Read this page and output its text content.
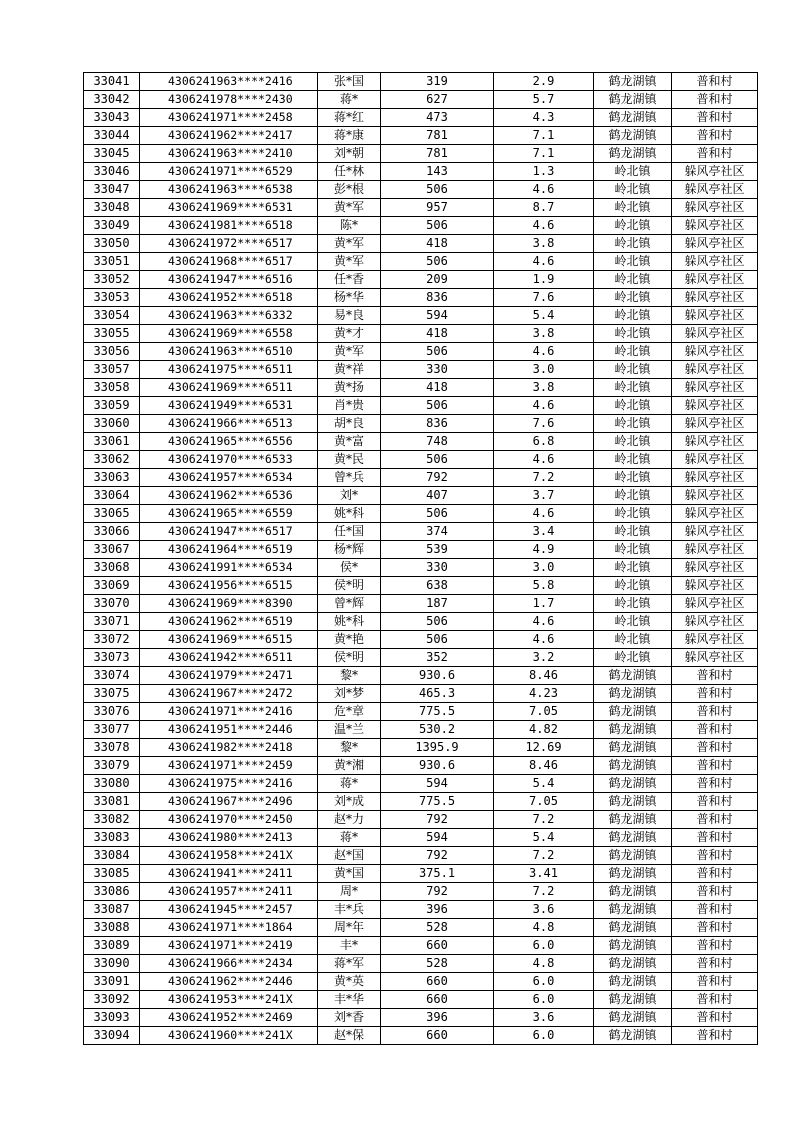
33041	4306241963****2416	张*国	319	2.9	鹤龙湖镇	普和村
33042	4306241978****2430	蒋*	627	5.7	鹤龙湖镇	普和村
33043	4306241971****2458	蒋*红	473	4.3	鹤龙湖镇	普和村
33044	4306241962****2417	蒋*康	781	7.1	鹤龙湖镇	普和村
33045	4306241963****2410	刘*朝	781	7.1	鹤龙湖镇	普和村
33046	4306241971****6529	任*林	143	1.3	岭北镇	躲风亭社区
33047	4306241963****6538	彭*根	506	4.6	岭北镇	躲风亭社区
33048	4306241969****6531	黄*军	957	8.7	岭北镇	躲风亭社区
33049	4306241981****6518	陈*	506	4.6	岭北镇	躲风亭社区
33050	4306241972****6517	黄*军	418	3.8	岭北镇	躲风亭社区
33051	4306241968****6517	黄*军	506	4.6	岭北镇	躲风亭社区
33052	4306241947****6516	任*香	209	1.9	岭北镇	躲风亭社区
33053	4306241952****6518	杨*华	836	7.6	岭北镇	躲风亭社区
33054	4306241963****6332	易*良	594	5.4	岭北镇	躲风亭社区
33055	4306241969****6558	黄*才	418	3.8	岭北镇	躲风亭社区
33056	4306241963****6510	黄*军	506	4.6	岭北镇	躲风亭社区
33057	4306241975****6511	黄*祥	330	3.0	岭北镇	躲风亭社区
33058	4306241969****6511	黄*扬	418	3.8	岭北镇	躲风亭社区
33059	4306241949****6531	肖*贵	506	4.6	岭北镇	躲风亭社区
33060	4306241966****6513	胡*良	836	7.6	岭北镇	躲风亭社区
33061	4306241965****6556	黄*富	748	6.8	岭北镇	躲风亭社区
33062	4306241970****6533	黄*民	506	4.6	岭北镇	躲风亭社区
33063	4306241957****6534	曾*兵	792	7.2	岭北镇	躲风亭社区
33064	4306241962****6536	刘*	407	3.7	岭北镇	躲风亭社区
33065	4306241965****6559	姚*科	506	4.6	岭北镇	躲风亭社区
33066	4306241947****6517	任*国	374	3.4	岭北镇	躲风亭社区
33067	4306241964****6519	杨*辉	539	4.9	岭北镇	躲风亭社区
33068	4306241991****6534	侯*	330	3.0	岭北镇	躲风亭社区
33069	4306241956****6515	侯*明	638	5.8	岭北镇	躲风亭社区
33070	4306241969****8390	曾*辉	187	1.7	岭北镇	躲风亭社区
33071	4306241962****6519	姚*科	506	4.6	岭北镇	躲风亭社区
33072	4306241969****6515	黄*艳	506	4.6	岭北镇	躲风亭社区
33073	4306241942****6511	侯*明	352	3.2	岭北镇	躲风亭社区
33074	4306241979****2471	黎*	930.6	8.46	鹤龙湖镇	普和村
33075	4306241967****2472	刘*梦	465.3	4.23	鹤龙湖镇	普和村
33076	4306241971****2416	危*章	775.5	7.05	鹤龙湖镇	普和村
33077	4306241951****2446	温*兰	530.2	4.82	鹤龙湖镇	普和村
33078	4306241982****2418	黎*	1395.9	12.69	鹤龙湖镇	普和村
33079	4306241971****2459	黄*湘	930.6	8.46	鹤龙湖镇	普和村
33080	4306241975****2416	蒋*	594	5.4	鹤龙湖镇	普和村
33081	4306241967****2496	刘*成	775.5	7.05	鹤龙湖镇	普和村
33082	4306241970****2450	赵*力	792	7.2	鹤龙湖镇	普和村
33083	4306241980****2413	蒋*	594	5.4	鹤龙湖镇	普和村
33084	4306241958****241X	赵*国	792	7.2	鹤龙湖镇	普和村
33085	4306241941****2411	黄*国	375.1	3.41	鹤龙湖镇	普和村
33086	4306241957****2411	周*	792	7.2	鹤龙湖镇	普和村
33087	4306241945****2457	丰*兵	396	3.6	鹤龙湖镇	普和村
33088	4306241971****1864	周*年	528	4.8	鹤龙湖镇	普和村
33089	4306241971****2419	丰*	660	6.0	鹤龙湖镇	普和村
33090	4306241966****2434	蒋*军	528	4.8	鹤龙湖镇	普和村
33091	4306241962****2446	黄*英	660	6.0	鹤龙湖镇	普和村
33092	4306241953****241X	丰*华	660	6.0	鹤龙湖镇	普和村
33093	4306241952****2469	刘*香	396	3.6	鹤龙湖镇	普和村
33094	4306241960****241X	赵*保	660	6.0	鹤龙湖镇	普和村
